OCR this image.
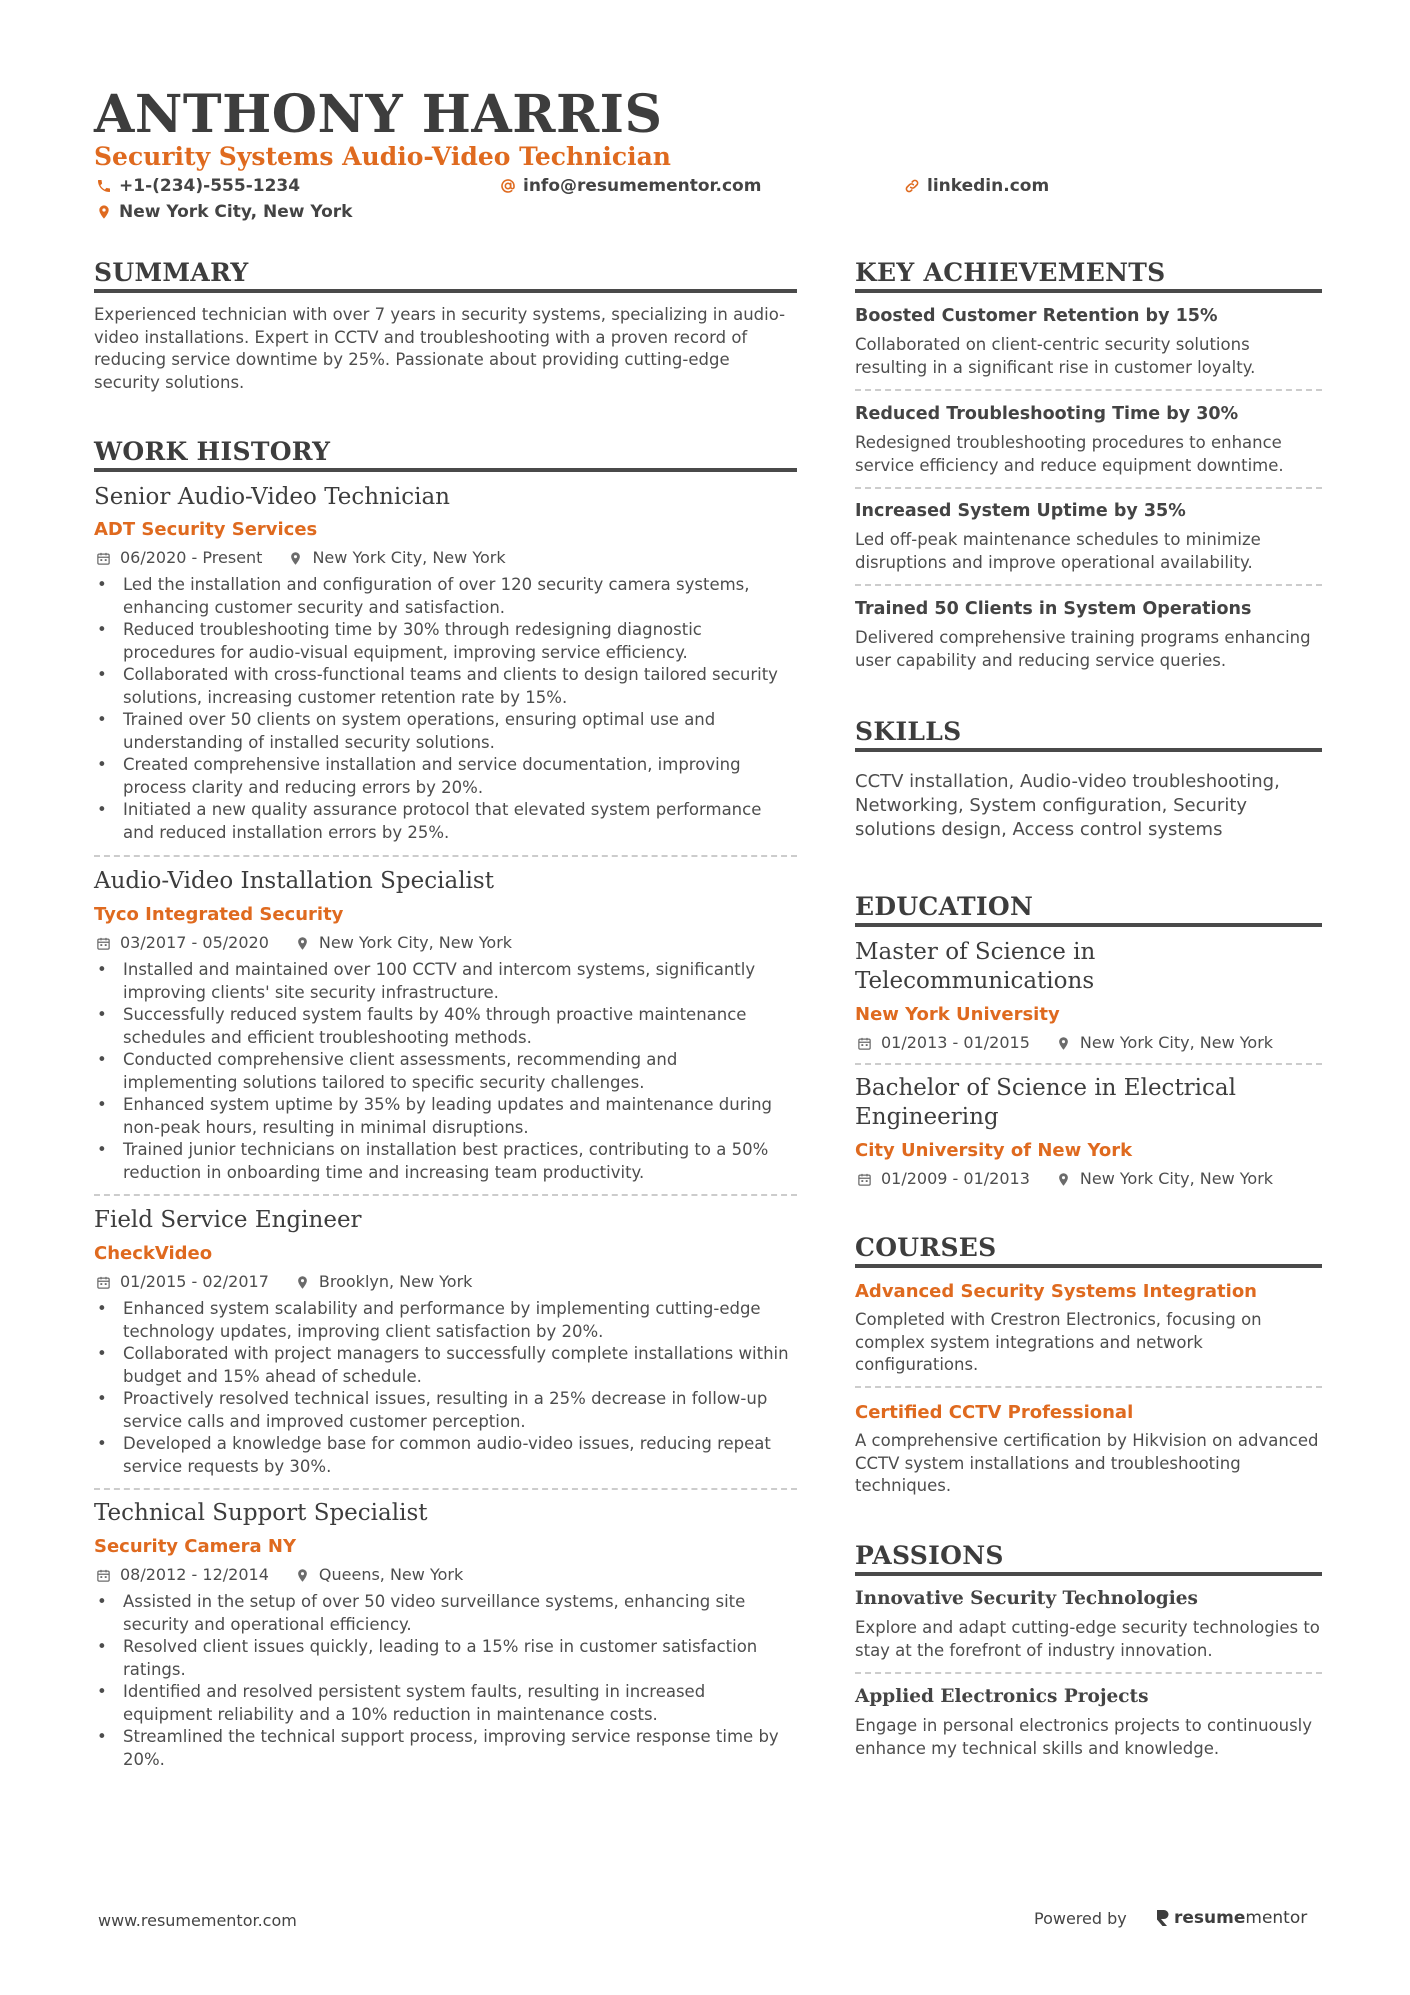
ANTHONY HARRIS
Security Systems Audio-Video Technician
+1-(234)-555-1234	info@resumementor.com	linkedin.com
New York City, New York
SUMMARY
Experienced technician with over 7 years in security systems, specializing in audio-video installations. Expert in CCTV and troubleshooting with a proven record of reducing service downtime by 25%. Passionate about providing cutting-edge security solutions.
WORK HISTORY
Senior Audio-Video Technician
ADT Security Services
06/2020 - Present	New York City, New York
• Led the installation and configuration of over 120 security camera systems, enhancing customer security and satisfaction.
• Reduced troubleshooting time by 30% through redesigning diagnostic procedures for audio-visual equipment, improving service efficiency.
• Collaborated with cross-functional teams and clients to design tailored security solutions, increasing customer retention rate by 15%.
• Trained over 50 clients on system operations, ensuring optimal use and understanding of installed security solutions.
• Created comprehensive installation and service documentation, improving process clarity and reducing errors by 20%.
• Initiated a new quality assurance protocol that elevated system performance and reduced installation errors by 25%.
Audio-Video Installation Specialist
Tyco Integrated Security
03/2017 - 05/2020	New York City, New York
• Installed and maintained over 100 CCTV and intercom systems, significantly improving clients' site security infrastructure.
• Successfully reduced system faults by 40% through proactive maintenance schedules and efficient troubleshooting methods.
• Conducted comprehensive client assessments, recommending and implementing solutions tailored to specific security challenges.
• Enhanced system uptime by 35% by leading updates and maintenance during non-peak hours, resulting in minimal disruptions.
• Trained junior technicians on installation best practices, contributing to a 50% reduction in onboarding time and increasing team productivity.
Field Service Engineer
CheckVideo
01/2015 - 02/2017	Brooklyn, New York
• Enhanced system scalability and performance by implementing cutting-edge technology updates, improving client satisfaction by 20%.
• Collaborated with project managers to successfully complete installations within budget and 15% ahead of schedule.
• Proactively resolved technical issues, resulting in a 25% decrease in follow-up service calls and improved customer perception.
• Developed a knowledge base for common audio-video issues, reducing repeat service requests by 30%.
Technical Support Specialist
Security Camera NY
08/2012 - 12/2014	Queens, New York
• Assisted in the setup of over 50 video surveillance systems, enhancing site security and operational efficiency.
• Resolved client issues quickly, leading to a 15% rise in customer satisfaction ratings.
• Identified and resolved persistent system faults, resulting in increased equipment reliability and a 10% reduction in maintenance costs.
• Streamlined the technical support process, improving service response time by 20%.
KEY ACHIEVEMENTS
Boosted Customer Retention by 15%
Collaborated on client-centric security solutions resulting in a significant rise in customer loyalty.
Reduced Troubleshooting Time by 30%
Redesigned troubleshooting procedures to enhance service efficiency and reduce equipment downtime.
Increased System Uptime by 35%
Led off-peak maintenance schedules to minimize disruptions and improve operational availability.
Trained 50 Clients in System Operations
Delivered comprehensive training programs enhancing user capability and reducing service queries.
SKILLS
CCTV installation, Audio-video troubleshooting, Networking, System configuration, Security solutions design, Access control systems
EDUCATION
Master of Science in Telecommunications
New York University
01/2013 - 01/2015	New York City, New York
Bachelor of Science in Electrical Engineering
City University of New York
01/2009 - 01/2013	New York City, New York
COURSES
Advanced Security Systems Integration
Completed with Crestron Electronics, focusing on complex system integrations and network configurations.
Certified CCTV Professional
A comprehensive certification by Hikvision on advanced CCTV system installations and troubleshooting techniques.
PASSIONS
Innovative Security Technologies
Explore and adapt cutting-edge security technologies to stay at the forefront of industry innovation.
Applied Electronics Projects
Engage in personal electronics projects to continuously enhance my technical skills and knowledge.
www.resumementor.com	Powered by	resumementor
